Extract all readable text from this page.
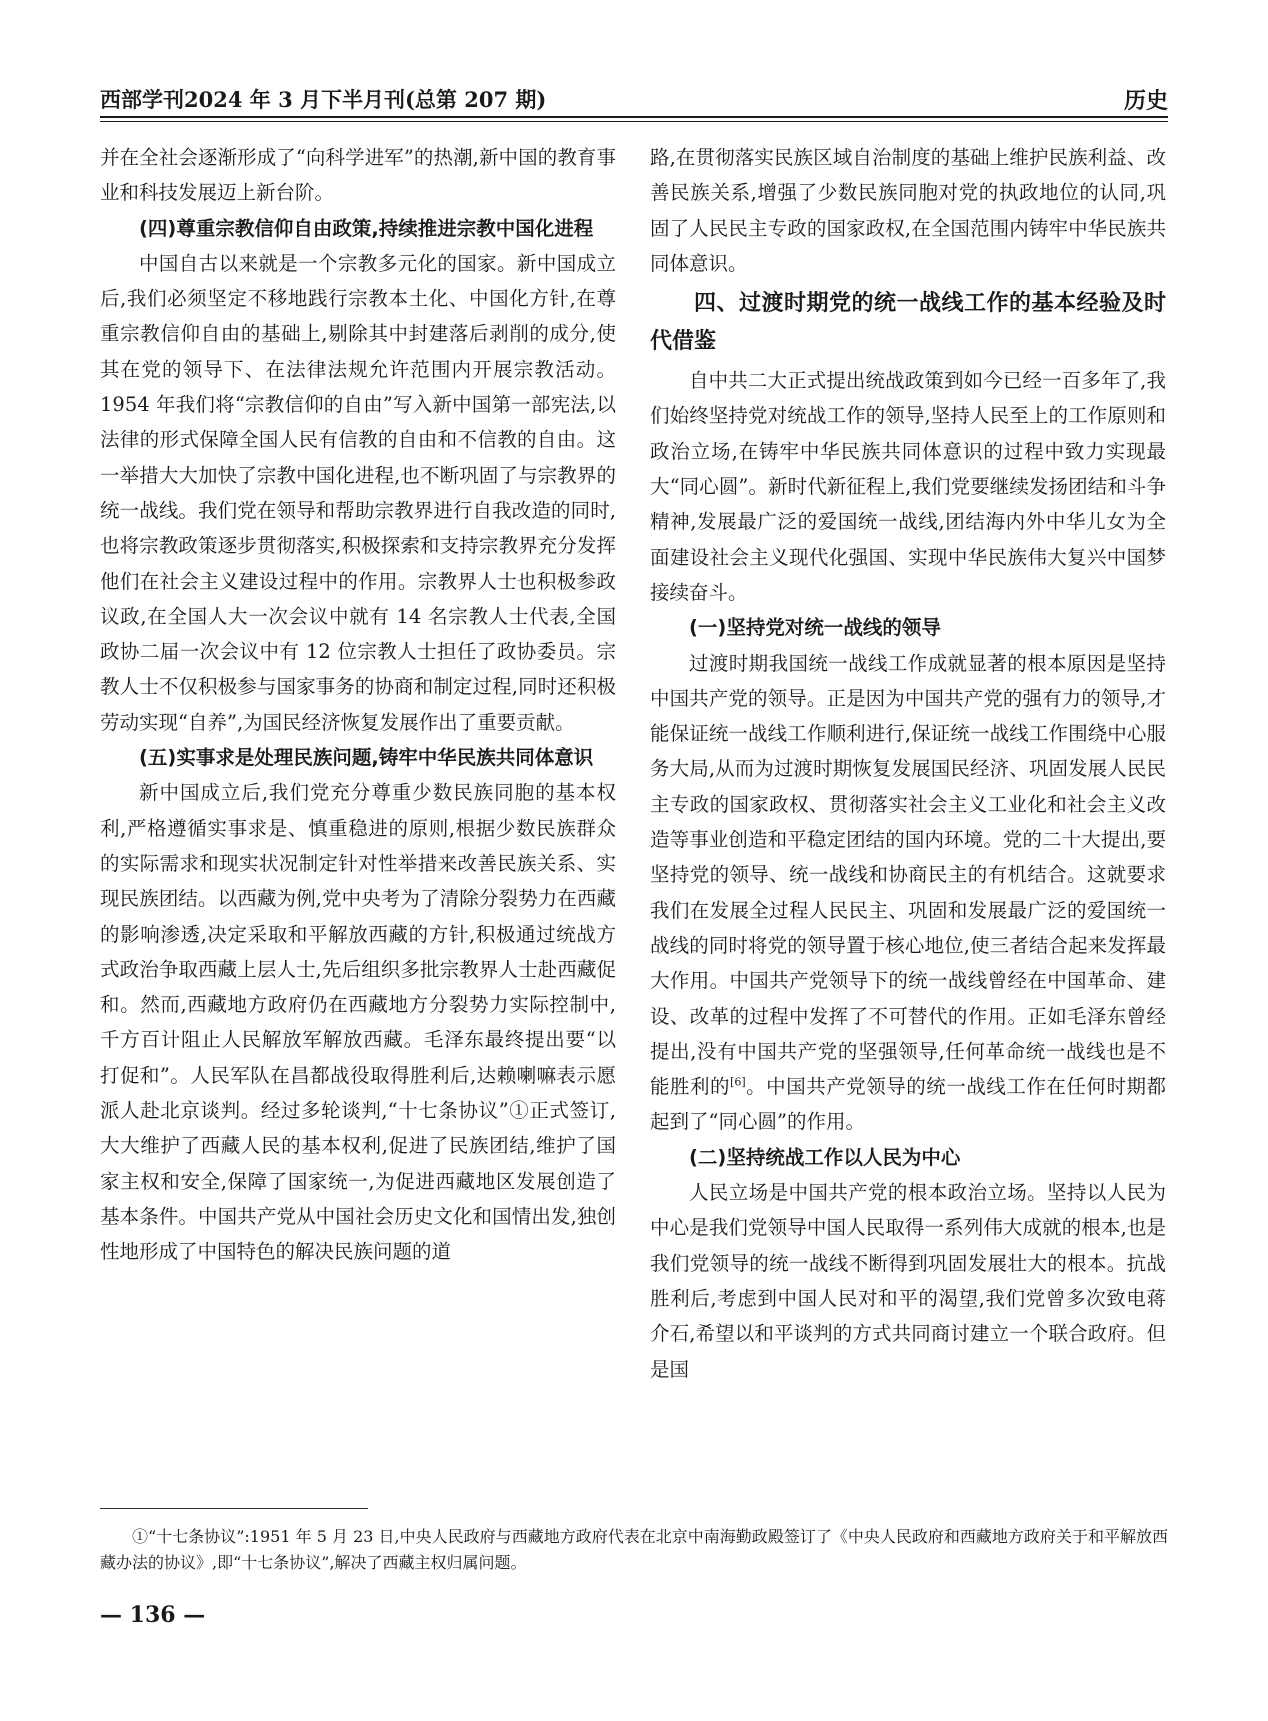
西部学刊2024 年 3 月下半月刊(总第 207 期)	历史

并在全社会逐渐形成了“向科学进军”的热潮,新中国的教育事业和科技发展迈上新台阶。

(四)尊重宗教信仰自由政策,持续推进宗教中国化进程

中国自古以来就是一个宗教多元化的国家。新中国成立后,我们必须坚定不移地践行宗教本土化、中国化方针,在尊重宗教信仰自由的基础上,剔除其中封建落后剥削的成分,使其在党的领导下、在法律法规允许范围内开展宗教活动。1954 年我们将“宗教信仰的自由”写入新中国第一部宪法,以法律的形式保障全国人民有信教的自由和不信教的自由。这一举措大大加快了宗教中国化进程,也不断巩固了与宗教界的统一战线。我们党在领导和帮助宗教界进行自我改造的同时,也将宗教政策逐步贯彻落实,积极探索和支持宗教界充分发挥他们在社会主义建设过程中的作用。宗教界人士也积极参政议政,在全国人大一次会议中就有 14 名宗教人士代表,全国政协二届一次会议中有 12 位宗教人士担任了政协委员。宗教人士不仅积极参与国家事务的协商和制定过程,同时还积极劳动实现“自养”,为国民经济恢复发展作出了重要贡献。

(五)实事求是处理民族问题,铸牢中华民族共同体意识

新中国成立后,我们党充分尊重少数民族同胞的基本权利,严格遵循实事求是、慎重稳进的原则,根据少数民族群众的实际需求和现实状况制定针对性举措来改善民族关系、实现民族团结。以西藏为例,党中央考为了清除分裂势力在西藏的影响渗透,决定采取和平解放西藏的方针,积极通过统战方式政治争取西藏上层人士,先后组织多批宗教界人士赴西藏促和。然而,西藏地方政府仍在西藏地方分裂势力实际控制中,千方百计阻止人民解放军解放西藏。毛泽东最终提出要“以打促和”。人民军队在昌都战役取得胜利后,达赖喇嘛表示愿派人赴北京谈判。经过多轮谈判,“十七条协议”①正式签订,大大维护了西藏人民的基本权利,促进了民族团结,维护了国家主权和安全,保障了国家统一,为促进西藏地区发展创造了基本条件。中国共产党从中国社会历史文化和国情出发,独创性地形成了中国特色的解决民族问题的道

路,在贯彻落实民族区域自治制度的基础上维护民族利益、改善民族关系,增强了少数民族同胞对党的执政地位的认同,巩固了人民民主专政的国家政权,在全国范围内铸牢中华民族共同体意识。

四、过渡时期党的统一战线工作的基本经验及时代借鉴

自中共二大正式提出统战政策到如今已经一百多年了,我们始终坚持党对统战工作的领导,坚持人民至上的工作原则和政治立场,在铸牢中华民族共同体意识的过程中致力实现最大“同心圆”。新时代新征程上,我们党要继续发扬团结和斗争精神,发展最广泛的爱国统一战线,团结海内外中华儿女为全面建设社会主义现代化强国、实现中华民族伟大复兴中国梦接续奋斗。

(一)坚持党对统一战线的领导

过渡时期我国统一战线工作成就显著的根本原因是坚持中国共产党的领导。正是因为中国共产党的强有力的领导,才能保证统一战线工作顺利进行,保证统一战线工作围绕中心服务大局,从而为过渡时期恢复发展国民经济、巩固发展人民民主专政的国家政权、贯彻落实社会主义工业化和社会主义改造等事业创造和平稳定团结的国内环境。党的二十大提出,要坚持党的领导、统一战线和协商民主的有机结合。这就要求我们在发展全过程人民民主、巩固和发展最广泛的爱国统一战线的同时将党的领导置于核心地位,使三者结合起来发挥最大作用。中国共产党领导下的统一战线曾经在中国革命、建设、改革的过程中发挥了不可替代的作用。正如毛泽东曾经提出,没有中国共产党的坚强领导,任何革命统一战线也是不能胜利的[6]。中国共产党领导的统一战线工作在任何时期都起到了“同心圆”的作用。

(二)坚持统战工作以人民为中心

人民立场是中国共产党的根本政治立场。坚持以人民为中心是我们党领导中国人民取得一系列伟大成就的根本,也是我们党领导的统一战线不断得到巩固发展壮大的根本。抗战胜利后,考虑到中国人民对和平的渴望,我们党曾多次致电蒋介石,希望以和平谈判的方式共同商讨建立一个联合政府。但是国

①“十七条协议”:1951 年 5 月 23 日,中央人民政府与西藏地方政府代表在北京中南海勤政殿签订了《中央人民政府和西藏地方政府关于和平解放西藏办法的协议》,即“十七条协议”,解决了西藏主权归属问题。
— 136 —
